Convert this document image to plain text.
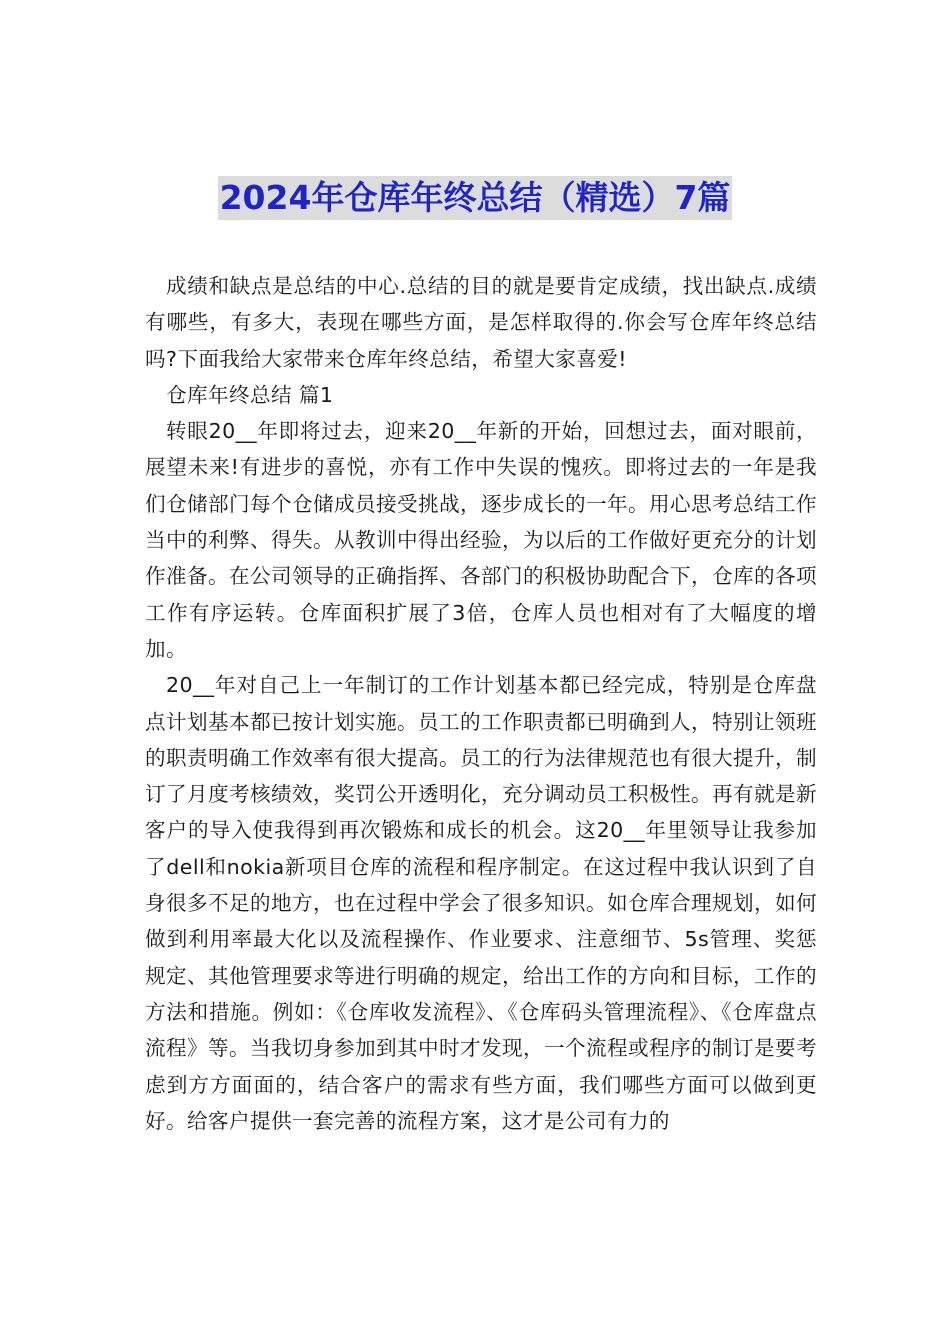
2024年仓库年终总结（精选）7篇

成绩和缺点是总结的中心.总结的目的就是要肯定成绩，找出缺点.成绩有哪些，有多大，表现在哪些方面，是怎样取得的.你会写仓库年终总结吗?下面我给大家带来仓库年终总结，希望大家喜爱!

仓库年终总结 篇1

转眼20__年即将过去，迎来20__年新的开始，回想过去，面对眼前，展望未来!有进步的喜悦，亦有工作中失误的愧疚。即将过去的一年是我们仓储部门每个仓储成员接受挑战，逐步成长的一年。用心思考总结工作当中的利弊、得失。从教训中得出经验，为以后的工作做好更充分的计划作准备。在公司领导的正确指挥、各部门的积极协助配合下，仓库的各项工作有序运转。仓库面积扩展了3倍，仓库人员也相对有了大幅度的增加。

20__年对自己上一年制订的工作计划基本都已经完成，特别是仓库盘点计划基本都已按计划实施。员工的工作职责都已明确到人，特别让领班的职责明确工作效率有很大提高。员工的行为法律规范也有很大提升，制订了月度考核绩效，奖罚公开透明化，充分调动员工积极性。再有就是新客户的导入使我得到再次锻炼和成长的机会。这20__年里领导让我参加了dell和nokia新项目仓库的流程和程序制定。在这过程中我认识到了自身很多不足的地方，也在过程中学会了很多知识。如仓库合理规划，如何做到利用率最大化以及流程操作、作业要求、注意细节、5s管理、奖惩规定、其他管理要求等进行明确的规定，给出工作的方向和目标，工作的方法和措施。例如：《仓库收发流程》、《仓库码头管理流程》、《仓库盘点流程》等。当我切身参加到其中时才发现，一个流程或程序的制订是要考虑到方方面面的，结合客户的需求有些方面，我们哪些方面可以做到更好。给客户提供一套完善的流程方案，这才是公司有力的
